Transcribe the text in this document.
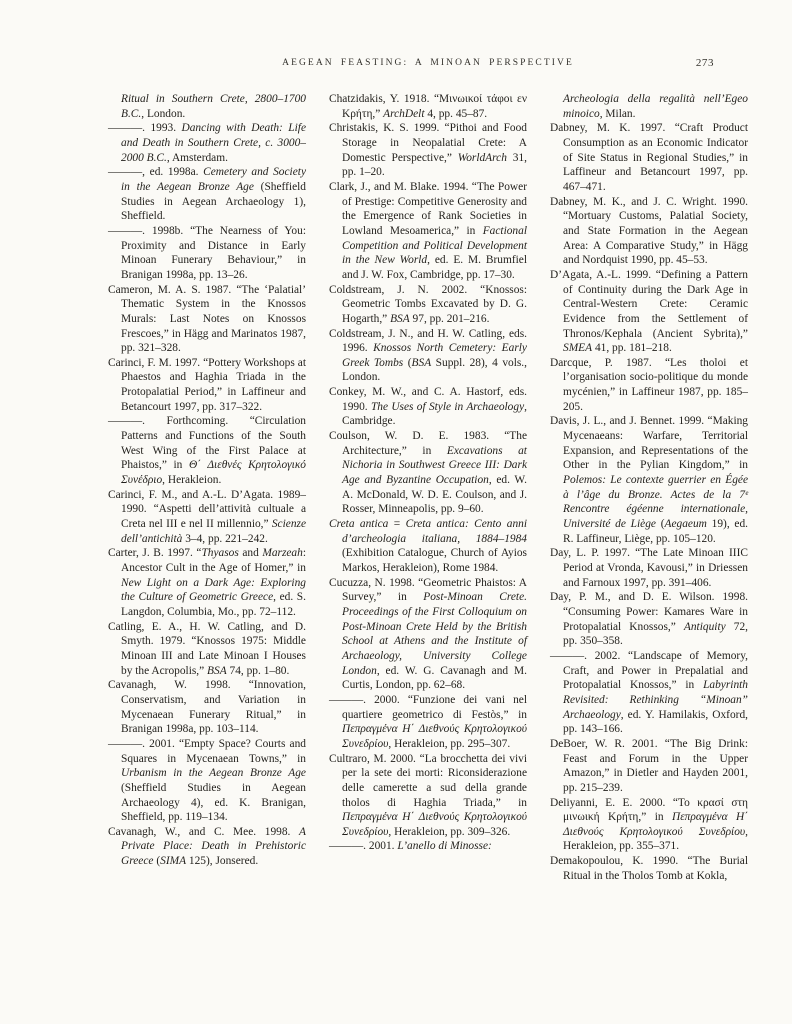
AEGEAN FEASTING: A MINOAN PERSPECTIVE	273

Ritual in Southern Crete, 2800–1700 B.C., London.

———. 1993. Dancing with Death: Life and Death in Southern Crete, c. 3000–2000 B.C., Amsterdam.

———, ed. 1998a. Cemetery and Society in the Aegean Bronze Age (Sheffield Studies in Aegean Archaeology 1), Sheffield.

———. 1998b. “The Nearness of You: Proximity and Distance in Early Minoan Funerary Behaviour,” in Branigan 1998a, pp. 13–26.

Cameron, M. A. S. 1987. “The ‘Palatial’ Thematic System in the Knossos Murals: Last Notes on Knossos Frescoes,” in Hägg and Marinatos 1987, pp. 321–328.

Carinci, F. M. 1997. “Pottery Workshops at Phaestos and Haghia Triada in the Protopalatial Period,” in Laffineur and Betancourt 1997, pp. 317–322.

———. Forthcoming. “Circulation Patterns and Functions of the South West Wing of the First Palace at Phaistos,” in Θ΄ Διεθνές Κρητολογικό Συνέδριο, Herakleion.

Carinci, F. M., and A.-L. D’Agata. 1989–1990. “Aspetti dell’attività cultuale a Creta nel III e nel II millennio,” Scienze dell’antichità 3–4, pp. 221–242.

Carter, J. B. 1997. “Thyasos and Marzeah: Ancestor Cult in the Age of Homer,” in New Light on a Dark Age: Exploring the Culture of Geometric Greece, ed. S. Langdon, Columbia, Mo., pp. 72–112.

Catling, E. A., H. W. Catling, and D. Smyth. 1979. “Knossos 1975: Middle Minoan III and Late Minoan I Houses by the Acropolis,” BSA 74, pp. 1–80.

Cavanagh, W. 1998. “Innovation, Conservatism, and Variation in Mycenaean Funerary Ritual,” in Branigan 1998a, pp. 103–114.

———. 2001. “Empty Space? Courts and Squares in Mycenaean Towns,” in Urbanism in the Aegean Bronze Age (Sheffield Studies in Aegean Archaeology 4), ed. K. Branigan, Sheffield, pp. 119–134.

Cavanagh, W., and C. Mee. 1998. A Private Place: Death in Prehistoric Greece (SIMA 125), Jonsered.

Chatzidakis, Y. 1918. “Μινωικοί τάφοι εν Κρήτη,” ArchDelt 4, pp. 45–87.

Christakis, K. S. 1999. “Pithoi and Food Storage in Neopalatial Crete: A Domestic Perspective,” WorldArch 31, pp. 1–20.

Clark, J., and M. Blake. 1994. “The Power of Prestige: Competitive Generosity and the Emergence of Rank Societies in Lowland Mesoamerica,” in Factional Competition and Political Development in the New World, ed. E. M. Brumfiel and J. W. Fox, Cambridge, pp. 17–30.

Coldstream, J. N. 2002. “Knossos: Geometric Tombs Excavated by D. G. Hogarth,” BSA 97, pp. 201–216.

Coldstream, J. N., and H. W. Catling, eds. 1996. Knossos North Cemetery: Early Greek Tombs (BSA Suppl. 28), 4 vols., London.

Conkey, M. W., and C. A. Hastorf, eds. 1990. The Uses of Style in Archaeology, Cambridge.

Coulson, W. D. E. 1983. “The Architecture,” in Excavations at Nichoria in Southwest Greece III: Dark Age and Byzantine Occupation, ed. W. A. McDonald, W. D. E. Coulson, and J. Rosser, Minneapolis, pp. 9–60.

Creta antica = Creta antica: Cento anni d’archeologia italiana, 1884–1984 (Exhibition Catalogue, Church of Ayios Markos, Herakleion), Rome 1984.

Cucuzza, N. 1998. “Geometric Phaistos: A Survey,” in Post-Minoan Crete. Proceedings of the First Colloquium on Post-Minoan Crete Held by the British School at Athens and the Institute of Archaeology, University College London, ed. W. G. Cavanagh and M. Curtis, London, pp. 62–68.

———. 2000. “Funzione dei vani nel quartiere geometrico di Festòs,” in Πεπραγμένα Η΄ Διεθνούς Κρητολογικού Συνεδρίου, Herakleion, pp. 295–307.

Cultraro, M. 2000. “La brocchetta dei vivi per la sete dei morti: Riconsiderazione delle camerette a sud della grande tholos di Haghia Triada,” in Πεπραγμένα Η΄ Διεθνούς Κρητολογικού Συνεδρίου, Herakleion, pp. 309–326.

———. 2001. L’anello di Minosse:

Archeologia della regalità nell’Egeo minoico, Milan.

Dabney, M. K. 1997. “Craft Product Consumption as an Economic Indicator of Site Status in Regional Studies,” in Laffineur and Betancourt 1997, pp. 467–471.

Dabney, M. K., and J. C. Wright. 1990. “Mortuary Customs, Palatial Society, and State Formation in the Aegean Area: A Comparative Study,” in Hägg and Nordquist 1990, pp. 45–53.

D’Agata, A.-L. 1999. “Defining a Pattern of Continuity during the Dark Age in Central-Western Crete: Ceramic Evidence from the Settlement of Thronos/Kephala (Ancient Sybrita),” SMEA 41, pp. 181–218.

Darcque, P. 1987. “Les tholoi et l’organisation socio-politique du monde mycénien,” in Laffineur 1987, pp. 185–205.

Davis, J. L., and J. Bennet. 1999. “Making Mycenaeans: Warfare, Territorial Expansion, and Representations of the Other in the Pylian Kingdom,” in Polemos: Le contexte guerrier en Égée à l’âge du Bronze. Actes de la 7ᵉ Rencontre égéenne internationale, Université de Liège (Aegaeum 19), ed. R. Laffineur, Liège, pp. 105–120.

Day, L. P. 1997. “The Late Minoan IIIC Period at Vronda, Kavousi,” in Driessen and Farnoux 1997, pp. 391–406.

Day, P. M., and D. E. Wilson. 1998. “Consuming Power: Kamares Ware in Protopalatial Knossos,” Antiquity 72, pp. 350–358.

———. 2002. “Landscape of Memory, Craft, and Power in Prepalatial and Protopalatial Knossos,” in Labyrinth Revisited: Rethinking “Minoan” Archaeology, ed. Y. Hamilakis, Oxford, pp. 143–166.

DeBoer, W. R. 2001. “The Big Drink: Feast and Forum in the Upper Amazon,” in Dietler and Hayden 2001, pp. 215–239.

Deliyanni, E. E. 2000. “Το κρασί στη μινωική Κρήτη,” in Πεπραγμένα Η΄ Διεθνούς Κρητολογικού Συνεδρίου, Herakleion, pp. 355–371.

Demakopoulou, K. 1990. “The Burial Ritual in the Tholos Tomb at Kokla,
